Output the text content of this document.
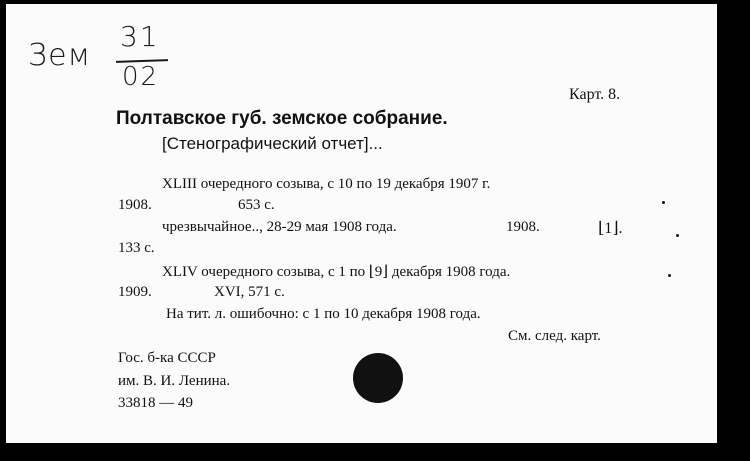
Зем
31
02
Карт. 8.
Полтавское губ. земское собрание.
[Стенографический отчет]...
XLIII очередного созыва, с 10 по 19 декабря 1907 г.
1908.	653 с.
чрезвычайное.., 28-29 мая 1908 года.	1908.	⌊1⌋.
133 с.
XLIV очередного созыва, с 1 по ⌊9⌋ декабря 1908 года.
1909.	XVI, 571 с.
На тит. л. ошибочно: с 1 по 10 декабря 1908 года.
См. след. карт.
Гос. б-ка СССР
им. В. И. Ленина.
33818 — 49
